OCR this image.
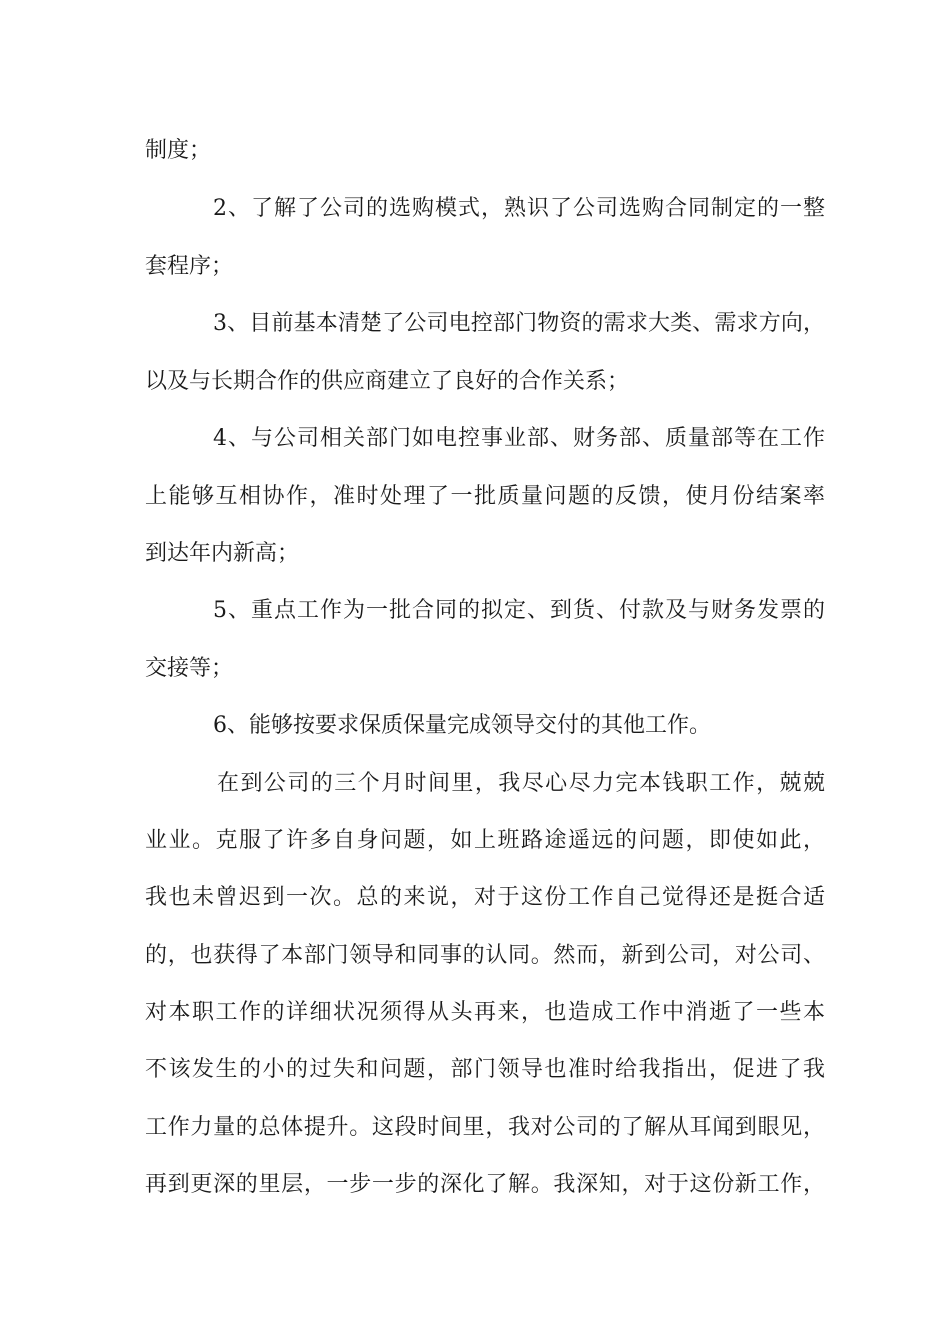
制度；
2、了解了公司的选购模式，熟识了公司选购合同制定的一整
套程序；
3、目前基本清楚了公司电控部门物资的需求大类、需求方向，
以及与长期合作的供应商建立了良好的合作关系；
4、与公司相关部门如电控事业部、财务部、质量部等在工作
上能够互相协作，准时处理了一批质量问题的反馈，使月份结案率
到达年内新高；
5、重点工作为一批合同的拟定、到货、付款及与财务发票的
交接等；
6、能够按要求保质保量完成领导交付的其他工作。
在到公司的三个月时间里，我尽心尽力完本钱职工作，兢兢
业业。克服了许多自身问题，如上班路途遥远的问题，即使如此，
我也未曾迟到一次。总的来说，对于这份工作自己觉得还是挺合适
的，也获得了本部门领导和同事的认同。然而，新到公司，对公司、
对本职工作的详细状况须得从头再来，也造成工作中消逝了一些本
不该发生的小的过失和问题，部门领导也准时给我指出，促进了我
工作力量的总体提升。这段时间里，我对公司的了解从耳闻到眼见，
再到更深的里层，一步一步的深化了解。我深知，对于这份新工作，
